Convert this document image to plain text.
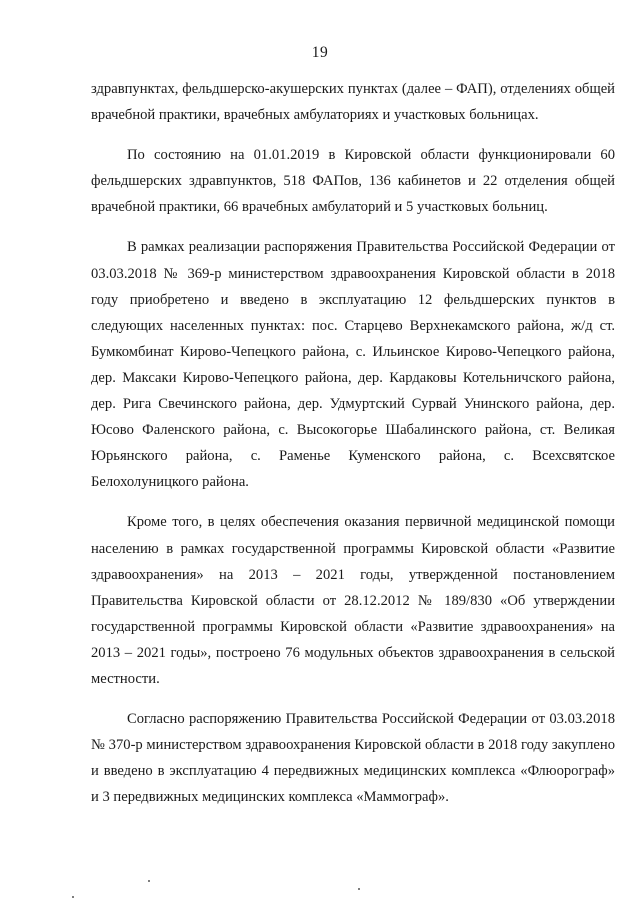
19

здравпунктах, фельдшерско-акушерских пунктах (далее – ФАП), отделениях общей врачебной практики, врачебных амбулаториях и участковых больницах.

По состоянию на 01.01.2019 в Кировской области функционировали 60 фельдшерских здравпунктов, 518 ФАПов, 136 кабинетов и 22 отделения общей врачебной практики, 66 врачебных амбулаторий и 5 участковых больниц.

В рамках реализации распоряжения Правительства Российской Федерации от 03.03.2018 № 369-р министерством здравоохранения Кировской области в 2018 году приобретено и введено в эксплуатацию 12 фельдшерских пунктов в следующих населенных пунктах: пос. Старцево Верхнекамского района, ж/д ст. Бумкомбинат Кирово-Чепецкого района, с. Ильинское Кирово-Чепецкого района, дер. Максаки Кирово-Чепецкого района, дер. Кардаковы Котельничского района, дер. Рига Свечинского района, дер. Удмуртский Сурвай Унинского района, дер. Юсово Фаленского района, с. Высокогорье Шабалинского района, ст. Великая Юрьянского района, с. Раменье Куменского района, с. Всехсвятское Белохолуницкого района.

Кроме того, в целях обеспечения оказания первичной медицинской помощи населению в рамках государственной программы Кировской области «Развитие здравоохранения» на 2013 – 2021 годы, утвержденной постановлением Правительства Кировской области от 28.12.2012 № 189/830 «Об утверждении государственной программы Кировской области «Развитие здравоохранения» на 2013 – 2021 годы», построено 76 модульных объектов здравоохранения в сельской местности.

Согласно распоряжению Правительства Российской Федерации от 03.03.2018 № 370-р министерством здравоохранения Кировской области в 2018 году закуплено и введено в эксплуатацию 4 передвижных медицинских комплекса «Флюорограф» и 3 передвижных медицинских комплекса «Маммограф».
